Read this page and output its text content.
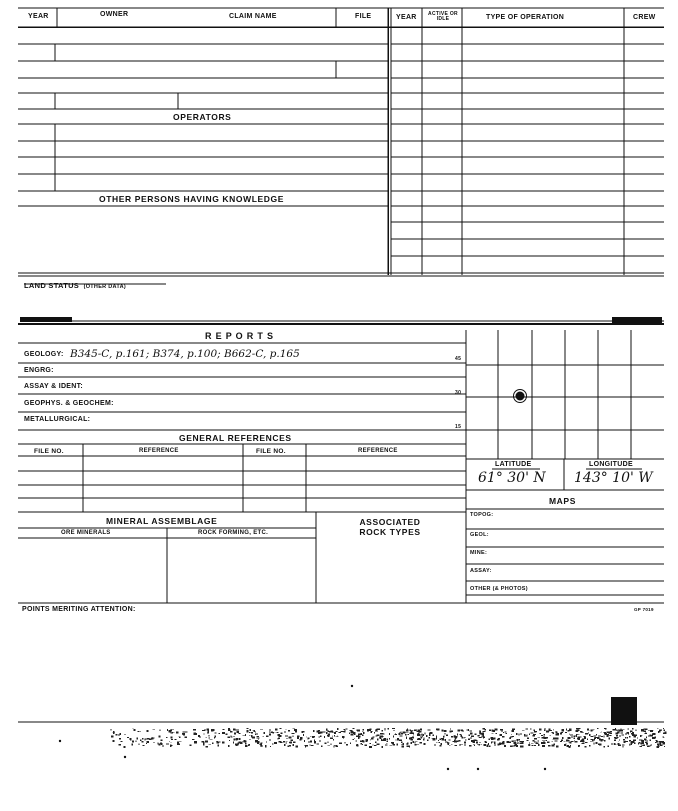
YEAR	OWNER	CLAIM NAME	FILE	YEAR	ACTIVE OR IDLE	TYPE OF OPERATION	CREW
OPERATORS
OTHER PERSONS HAVING KNOWLEDGE
LAND STATUS (OTHER DATA)
R E P O R T S
GEOLOGY: B345-C, p.161; B374, p.100; B662-C, p.165	45
ENGRG:
ASSAY & IDENT:
30
GEOPHYS. & GEOCHEM:
METALLURGICAL:
15
GENERAL REFERENCES
FILE NO.	REFERENCE	FILE NO.	REFERENCE
LATITUDE	LONGITUDE
61° 30' N 143° 10' W
MAPS
TOPOG:
GEOL:
MINE:
ASSAY:
OTHER (& PHOTOS)
MINERAL ASSEMBLAGE
ORE MINERALS	ROCK FORMING, ETC.
ASSOCIATED ROCK TYPES
POINTS MERITING ATTENTION:	GP 7019
